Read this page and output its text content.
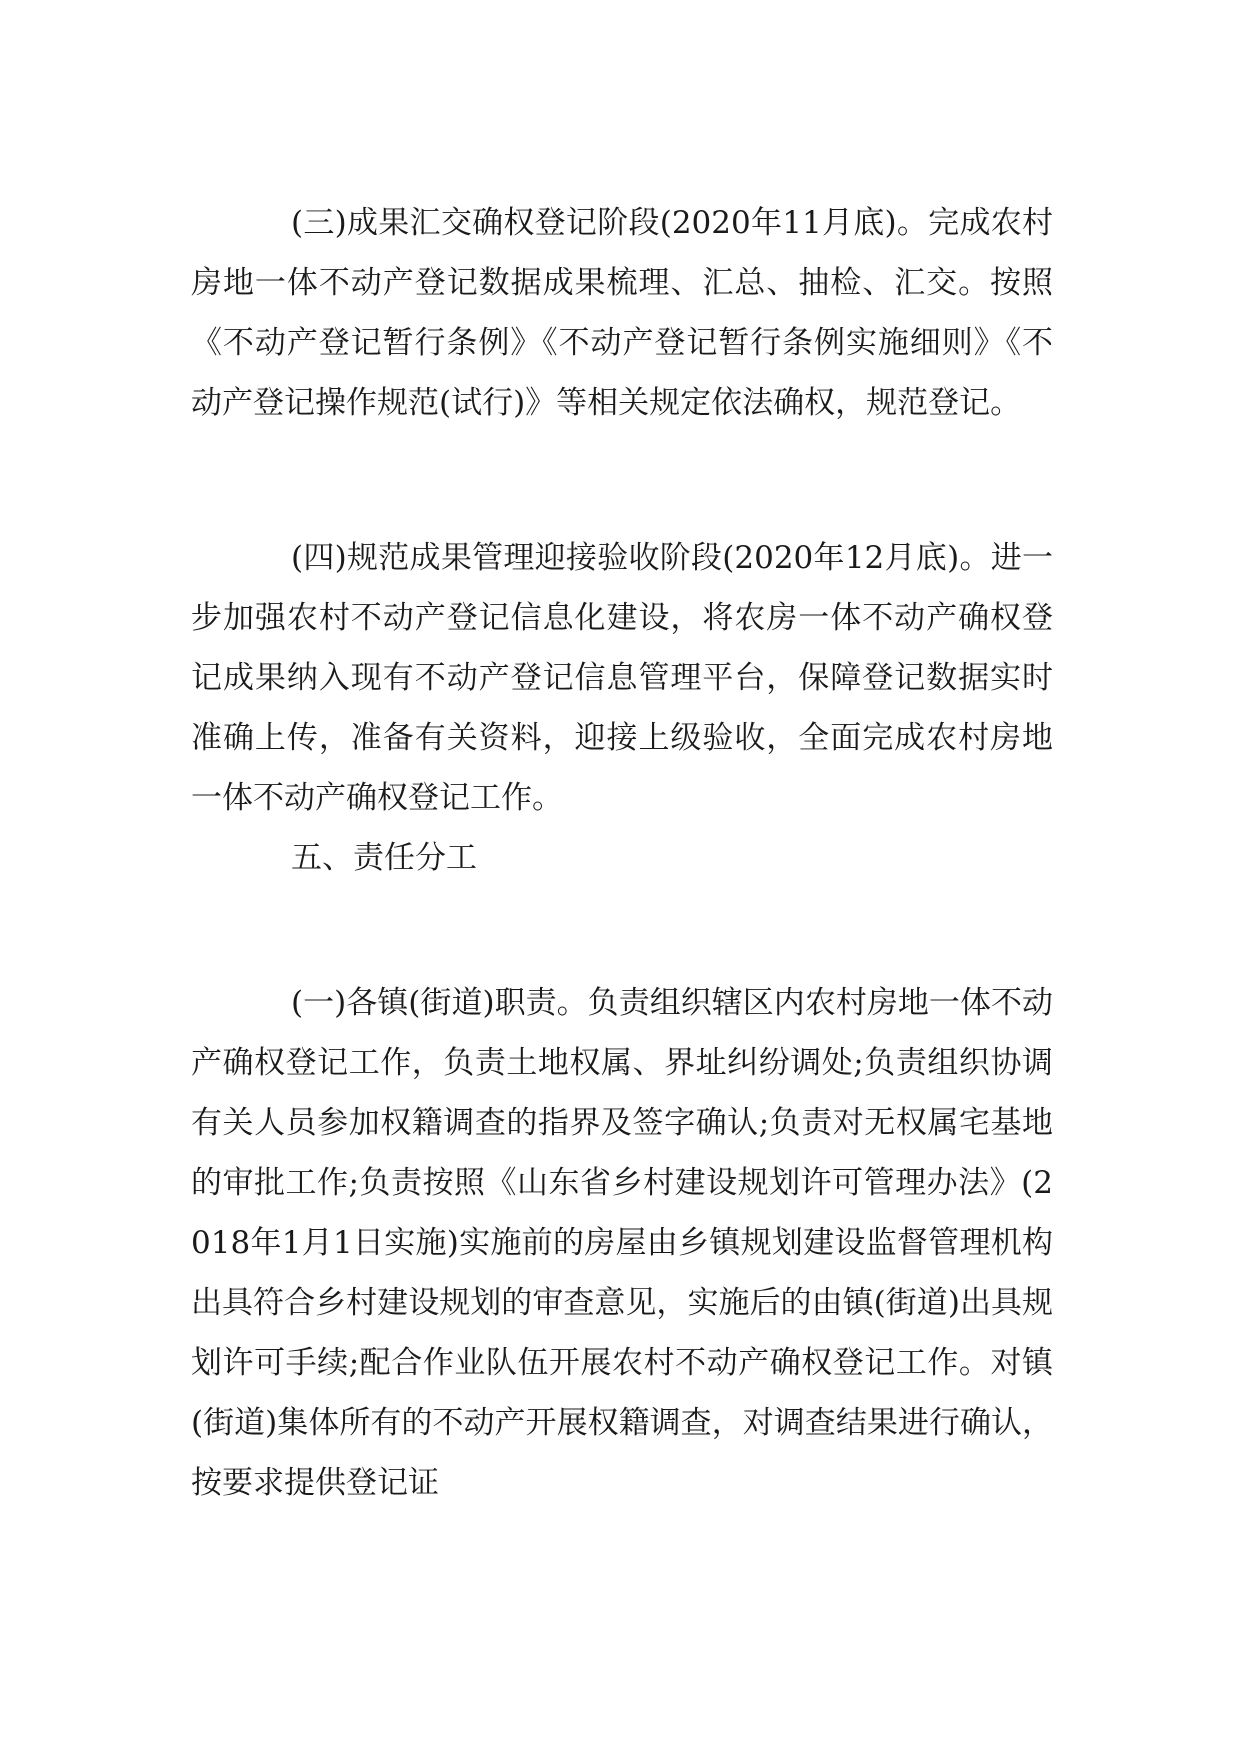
(三)成果汇交确权登记阶段(2020年11月底)。完成农村房地一体不动产登记数据成果梳理、汇总、抽检、汇交。按照《不动产登记暂行条例》《不动产登记暂行条例实施细则》《不动产登记操作规范(试行)》等相关规定依法确权，规范登记。

(四)规范成果管理迎接验收阶段(2020年12月底)。进一步加强农村不动产登记信息化建设，将农房一体不动产确权登记成果纳入现有不动产登记信息管理平台，保障登记数据实时准确上传，准备有关资料，迎接上级验收，全面完成农村房地一体不动产确权登记工作。

五、责任分工

(一)各镇(街道)职责。负责组织辖区内农村房地一体不动产确权登记工作，负责土地权属、界址纠纷调处;负责组织协调有关人员参加权籍调查的指界及签字确认;负责对无权属宅基地的审批工作;负责按照《山东省乡村建设规划许可管理办法》(2018年1月1日实施)实施前的房屋由乡镇规划建设监督管理机构出具符合乡村建设规划的审查意见，实施后的由镇(街道)出具规划许可手续;配合作业队伍开展农村不动产确权登记工作。对镇(街道)集体所有的不动产开展权籍调查，对调查结果进行确认，按要求提供登记证
